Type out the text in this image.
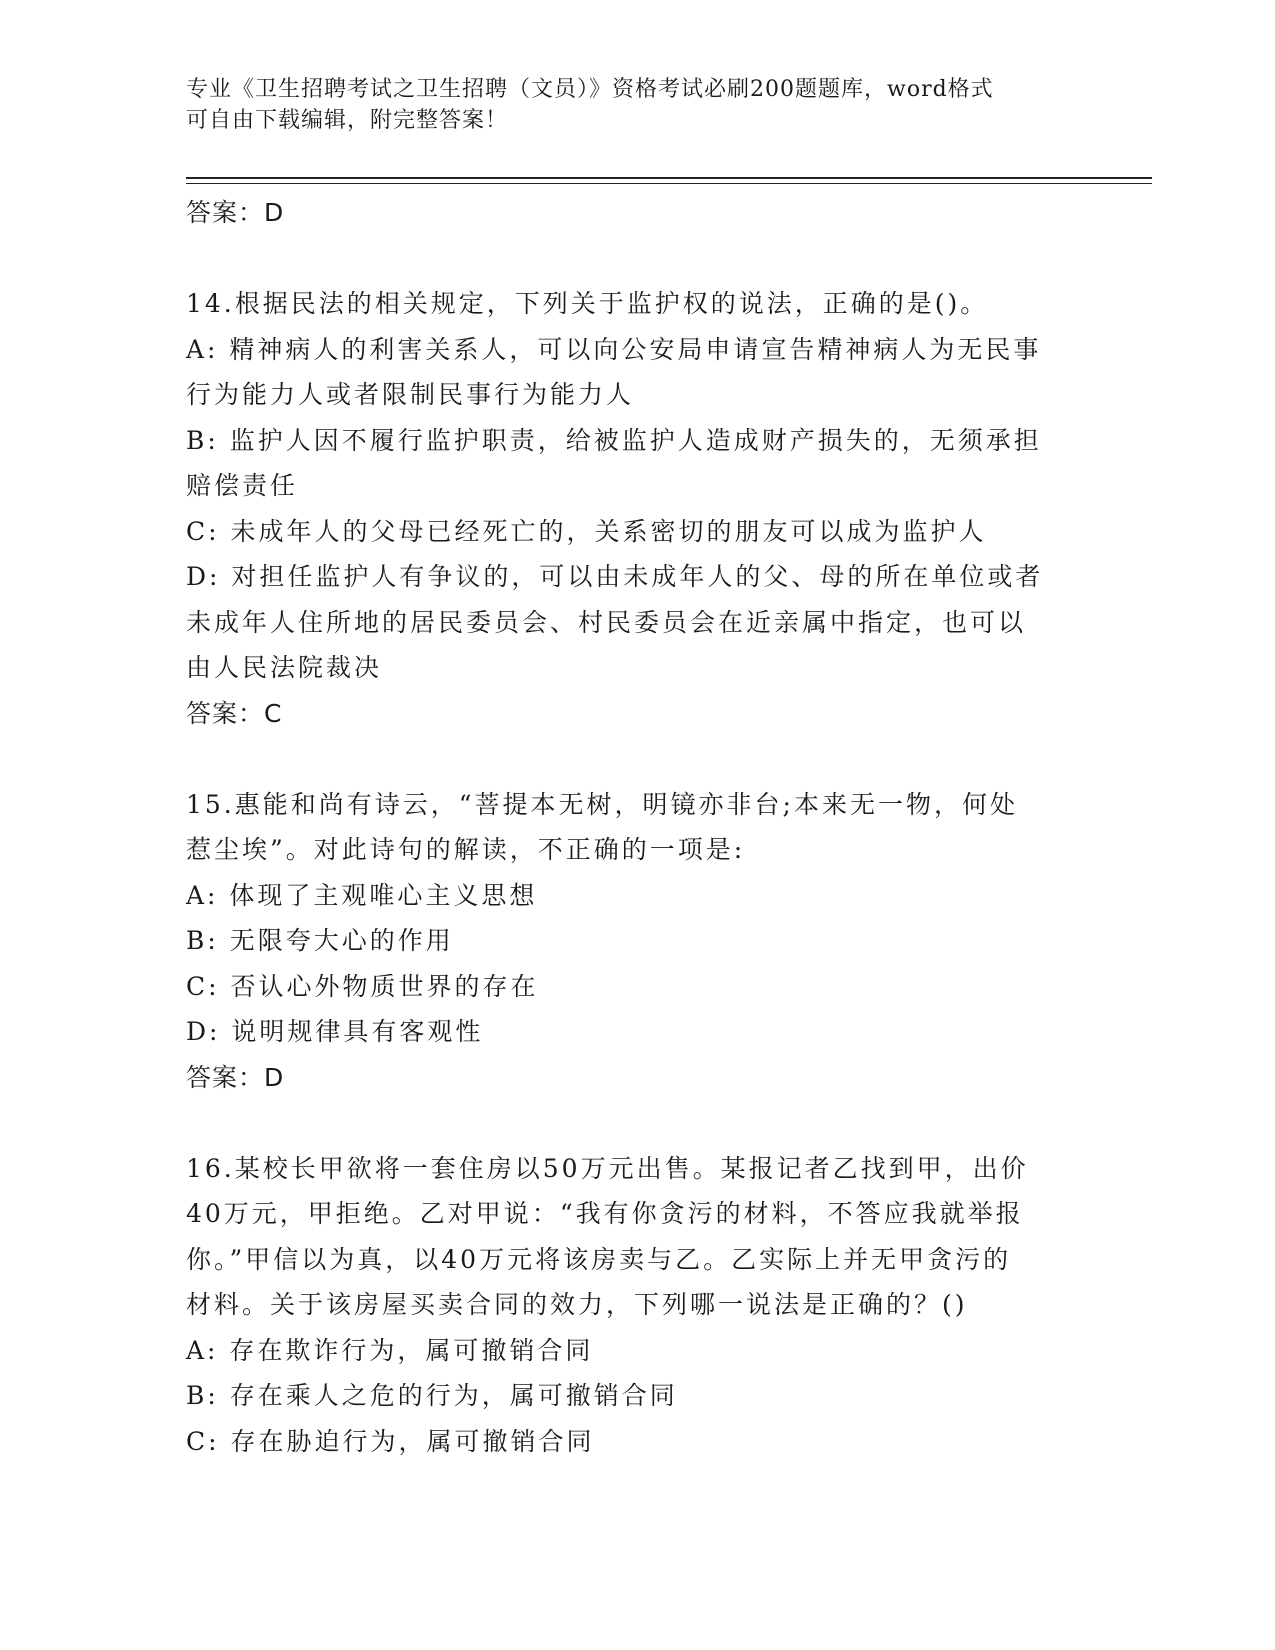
专业《卫生招聘考试之卫生招聘（文员）》资格考试必刷200题题库，word格式
可自由下载编辑，附完整答案！
答案：D
14.根据民法的相关规定，下列关于监护权的说法，正确的是()。
A: 精神病人的利害关系人，可以向公安局申请宣告精神病人为无民事
行为能力人或者限制民事行为能力人
B: 监护人因不履行监护职责，给被监护人造成财产损失的，无须承担
赔偿责任
C: 未成年人的父母已经死亡的，关系密切的朋友可以成为监护人
D: 对担任监护人有争议的，可以由未成年人的父、母的所在单位或者
未成年人住所地的居民委员会、村民委员会在近亲属中指定，也可以
由人民法院裁决
答案：C
15.惠能和尚有诗云，“菩提本无树，明镜亦非台;本来无一物，何处
惹尘埃”。对此诗句的解读，不正确的一项是:
A: 体现了主观唯心主义思想
B: 无限夸大心的作用
C: 否认心外物质世界的存在
D: 说明规律具有客观性
答案：D
16.某校长甲欲将一套住房以50万元出售。某报记者乙找到甲，出价
40万元，甲拒绝。乙对甲说：“我有你贪污的材料，不答应我就举报
你。”甲信以为真，以40万元将该房卖与乙。乙实际上并无甲贪污的
材料。关于该房屋买卖合同的效力，下列哪一说法是正确的？()
A: 存在欺诈行为，属可撤销合同
B: 存在乘人之危的行为，属可撤销合同
C: 存在胁迫行为，属可撤销合同
